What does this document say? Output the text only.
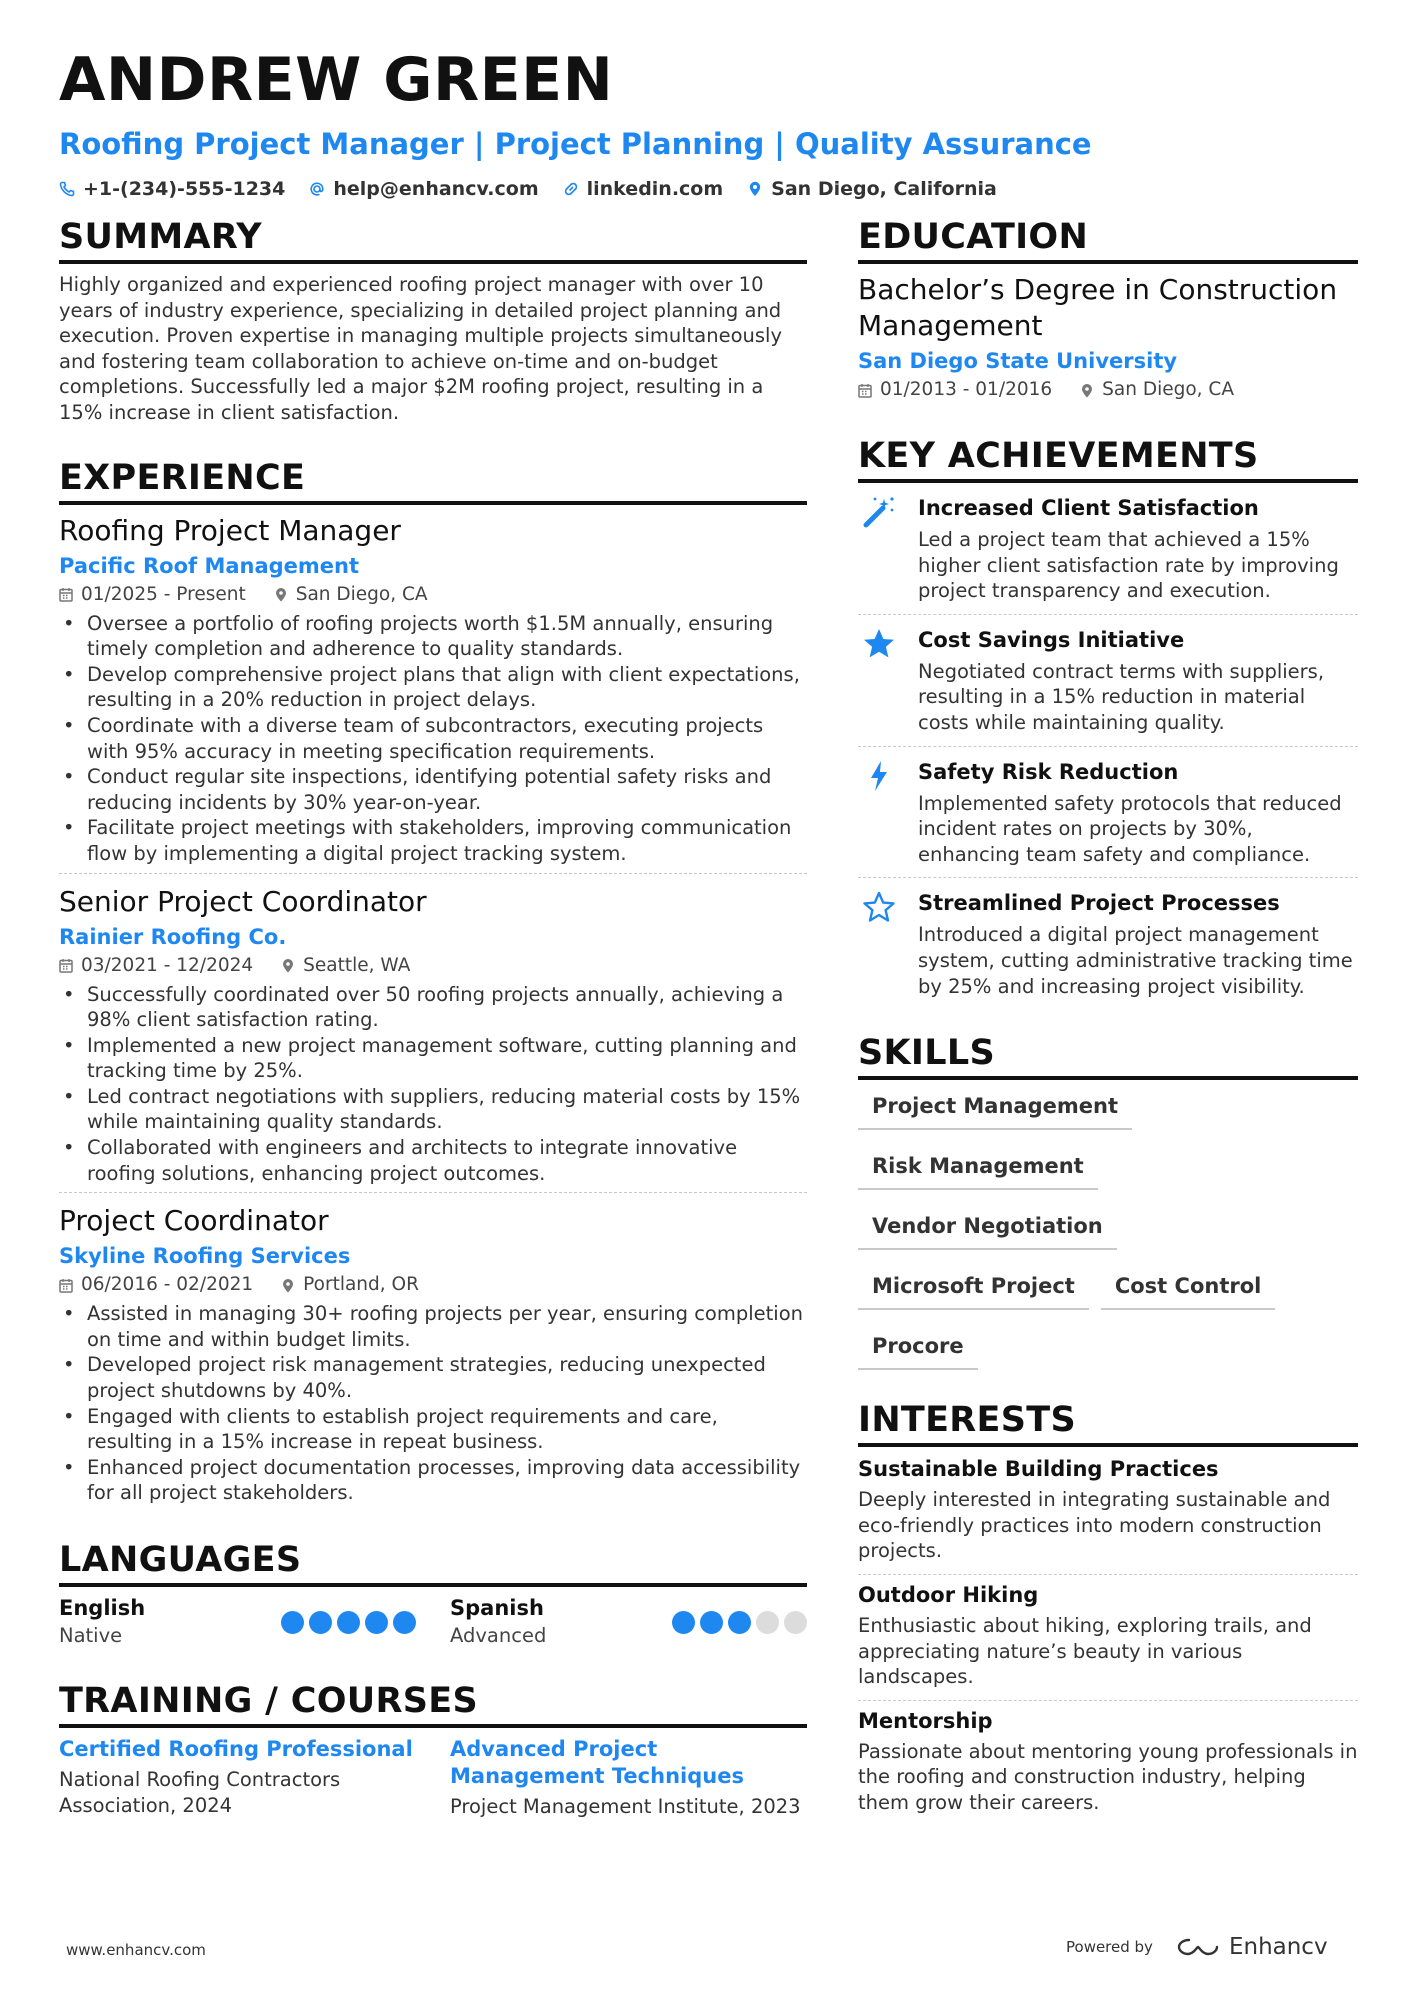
ANDREW GREEN
Roofing Project Manager | Project Planning | Quality Assurance
+1-(234)-555-1234	help@enhancv.com	linkedin.com	San Diego, California
SUMMARY
Highly organized and experienced roofing project manager with over 10 years of industry experience, specializing in detailed project planning and execution. Proven expertise in managing multiple projects simultaneously and fostering team collaboration to achieve on-time and on-budget completions. Successfully led a major $2M roofing project, resulting in a 15% increase in client satisfaction.
EXPERIENCE
Roofing Project Manager
Pacific Roof Management
01/2025 - Present	San Diego, CA
• Oversee a portfolio of roofing projects worth $1.5M annually, ensuring timely completion and adherence to quality standards.
• Develop comprehensive project plans that align with client expectations, resulting in a 20% reduction in project delays.
• Coordinate with a diverse team of subcontractors, executing projects with 95% accuracy in meeting specification requirements.
• Conduct regular site inspections, identifying potential safety risks and reducing incidents by 30% year-on-year.
• Facilitate project meetings with stakeholders, improving communication flow by implementing a digital project tracking system.
Senior Project Coordinator
Rainier Roofing Co.
03/2021 - 12/2024	Seattle, WA
• Successfully coordinated over 50 roofing projects annually, achieving a 98% client satisfaction rating.
• Implemented a new project management software, cutting planning and tracking time by 25%.
• Led contract negotiations with suppliers, reducing material costs by 15% while maintaining quality standards.
• Collaborated with engineers and architects to integrate innovative roofing solutions, enhancing project outcomes.
Project Coordinator
Skyline Roofing Services
06/2016 - 02/2021	Portland, OR
• Assisted in managing 30+ roofing projects per year, ensuring completion on time and within budget limits.
• Developed project risk management strategies, reducing unexpected project shutdowns by 40%.
• Engaged with clients to establish project requirements and care, resulting in a 15% increase in repeat business.
• Enhanced project documentation processes, improving data accessibility for all project stakeholders.
LANGUAGES
English
Native
Spanish
Advanced
TRAINING / COURSES
Certified Roofing Professional
National Roofing Contractors Association, 2024
Advanced Project Management Techniques
Project Management Institute, 2023
EDUCATION
Bachelor’s Degree in Construction Management
San Diego State University
01/2013 - 01/2016	San Diego, CA
KEY ACHIEVEMENTS
Increased Client Satisfaction
Led a project team that achieved a 15% higher client satisfaction rate by improving project transparency and execution.
Cost Savings Initiative
Negotiated contract terms with suppliers, resulting in a 15% reduction in material costs while maintaining quality.
Safety Risk Reduction
Implemented safety protocols that reduced incident rates on projects by 30%, enhancing team safety and compliance.
Streamlined Project Processes
Introduced a digital project management system, cutting administrative tracking time by 25% and increasing project visibility.
SKILLS
Project Management
Risk Management
Vendor Negotiation
Microsoft Project	Cost Control
Procore
INTERESTS
Sustainable Building Practices
Deeply interested in integrating sustainable and eco-friendly practices into modern construction projects.
Outdoor Hiking
Enthusiastic about hiking, exploring trails, and appreciating nature’s beauty in various landscapes.
Mentorship
Passionate about mentoring young professionals in the roofing and construction industry, helping them grow their careers.
www.enhancv.com	Powered by	Enhancv
